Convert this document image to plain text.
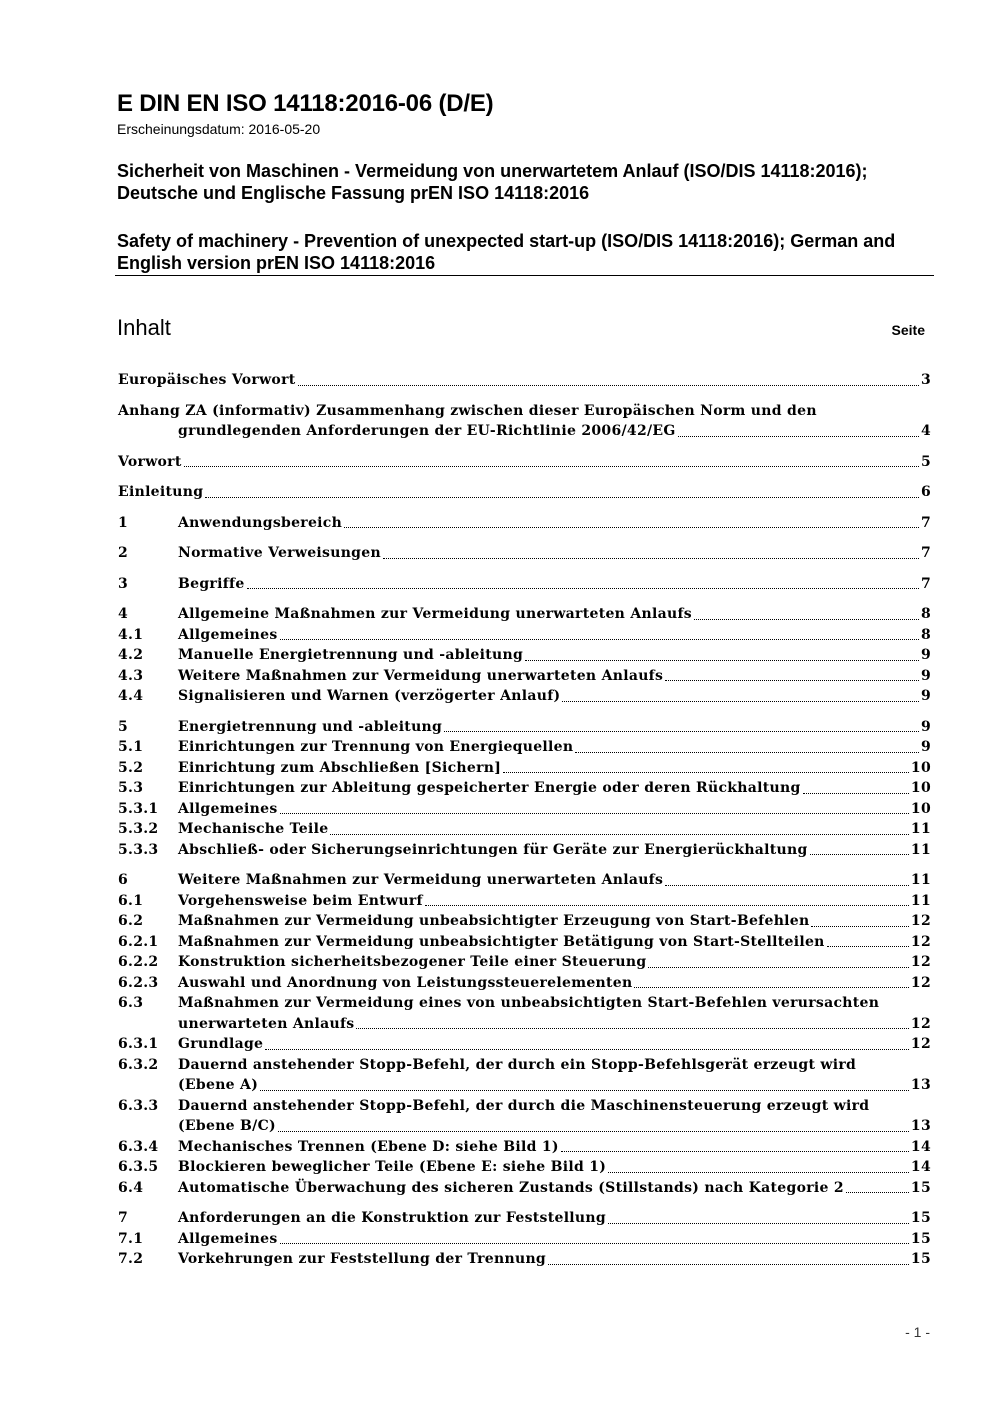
E DIN EN ISO 14118:2016-06 (D/E)
Erscheinungsdatum: 2016-05-20
Sicherheit von Maschinen - Vermeidung von unerwartetem Anlauf (ISO/DIS 14118:2016); Deutsche und Englische Fassung prEN ISO 14118:2016
Safety of machinery - Prevention of unexpected start-up (ISO/DIS 14118:2016); German and English version prEN ISO 14118:2016
Inhalt	Seite
Europäisches Vorwort	3
Anhang ZA (informativ) Zusammenhang zwischen dieser Europäischen Norm und den
grundlegenden Anforderungen der EU-Richtlinie 2006/42/EG	4
Vorwort	5
Einleitung	6
1	Anwendungsbereich	7
2	Normative Verweisungen	7
3	Begriffe	7
4	Allgemeine Maßnahmen zur Vermeidung unerwarteten Anlaufs	8
4.1	Allgemeines	8
4.2	Manuelle Energietrennung und -ableitung	9
4.3	Weitere Maßnahmen zur Vermeidung unerwarteten Anlaufs	9
4.4	Signalisieren und Warnen (verzögerter Anlauf)	9
5	Energietrennung und -ableitung	9
5.1	Einrichtungen zur Trennung von Energiequellen	9
5.2	Einrichtung zum Abschließen [Sichern]	10
5.3	Einrichtungen zur Ableitung gespeicherter Energie oder deren Rückhaltung	10
5.3.1	Allgemeines	10
5.3.2	Mechanische Teile	11
5.3.3	Abschließ- oder Sicherungseinrichtungen für Geräte zur Energierückhaltung	11
6	Weitere Maßnahmen zur Vermeidung unerwarteten Anlaufs	11
6.1	Vorgehensweise beim Entwurf	11
6.2	Maßnahmen zur Vermeidung unbeabsichtigter Erzeugung von Start-Befehlen	12
6.2.1	Maßnahmen zur Vermeidung unbeabsichtigter Betätigung von Start-Stellteilen	12
6.2.2	Konstruktion sicherheitsbezogener Teile einer Steuerung	12
6.2.3	Auswahl und Anordnung von Leistungssteuerelementen	12
6.3	Maßnahmen zur Vermeidung eines von unbeabsichtigten Start-Befehlen verursachten
unerwarteten Anlaufs	12
6.3.1	Grundlage	12
6.3.2	Dauernd anstehender Stopp-Befehl, der durch ein Stopp-Befehlsgerät erzeugt wird
(Ebene A)	13
6.3.3	Dauernd anstehender Stopp-Befehl, der durch die Maschinensteuerung erzeugt wird
(Ebene B/C)	13
6.3.4	Mechanisches Trennen (Ebene D: siehe Bild 1)	14
6.3.5	Blockieren beweglicher Teile (Ebene E: siehe Bild 1)	14
6.4	Automatische Überwachung des sicheren Zustands (Stillstands) nach Kategorie 2	15
7	Anforderungen an die Konstruktion zur Feststellung	15
7.1	Allgemeines	15
7.2	Vorkehrungen zur Feststellung der Trennung	15
- 1 -
